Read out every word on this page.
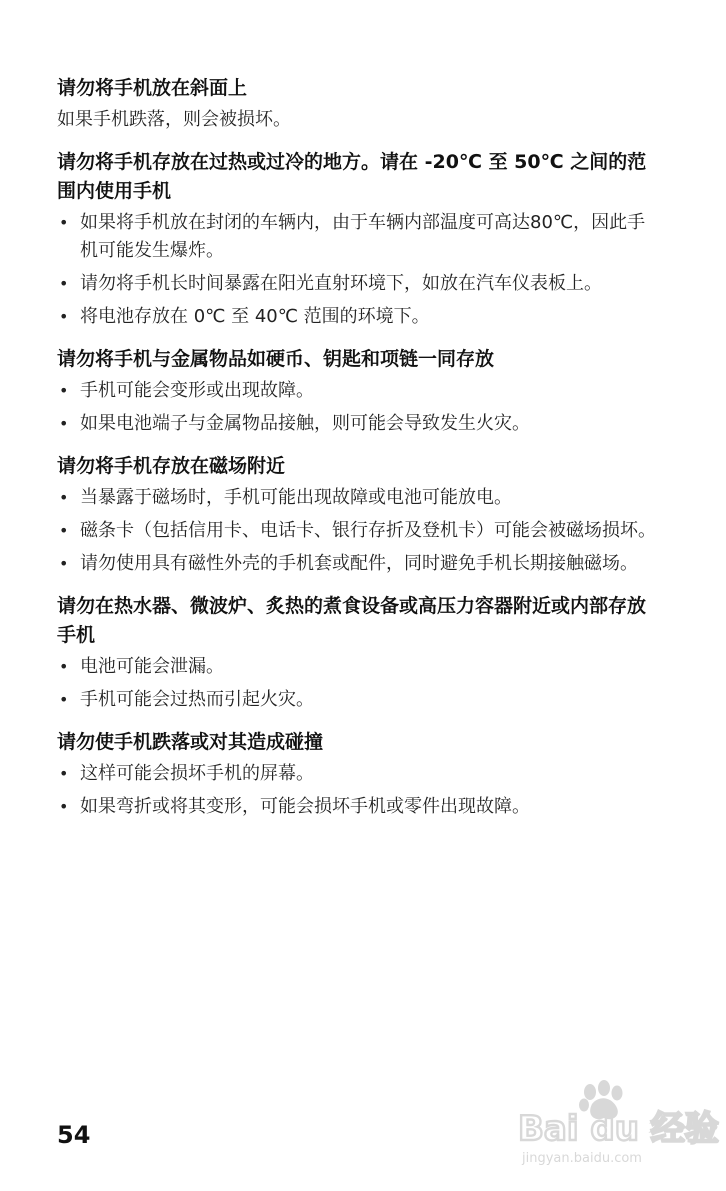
请勿将手机放在斜面上
如果手机跌落，则会被损坏。
请勿将手机存放在过热或过冷的地方。请在 -20℃ 至 50℃ 之间的范围内使用手机
• 如果将手机放在封闭的车辆内，由于车辆内部温度可高达80℃，因此手机可能发生爆炸。
• 请勿将手机长时间暴露在阳光直射环境下，如放在汽车仪表板上。
• 将电池存放在 0℃ 至 40℃ 范围的环境下。
请勿将手机与金属物品如硬币、钥匙和项链一同存放
• 手机可能会变形或出现故障。
• 如果电池端子与金属物品接触，则可能会导致发生火灾。
请勿将手机存放在磁场附近
• 当暴露于磁场时，手机可能出现故障或电池可能放电。
• 磁条卡（包括信用卡、电话卡、银行存折及登机卡）可能会被磁场损坏。
• 请勿使用具有磁性外壳的手机套或配件，同时避免手机长期接触磁场。
请勿在热水器、微波炉、炙热的煮食设备或高压力容器附近或内部存放手机
• 电池可能会泄漏。
• 手机可能会过热而引起火灾。
请勿使手机跌落或对其造成碰撞
• 这样可能会损坏手机的屏幕。
• 如果弯折或将其变形，可能会损坏手机或零件出现故障。
54	Bai du 经验
jingyan.baidu.com
